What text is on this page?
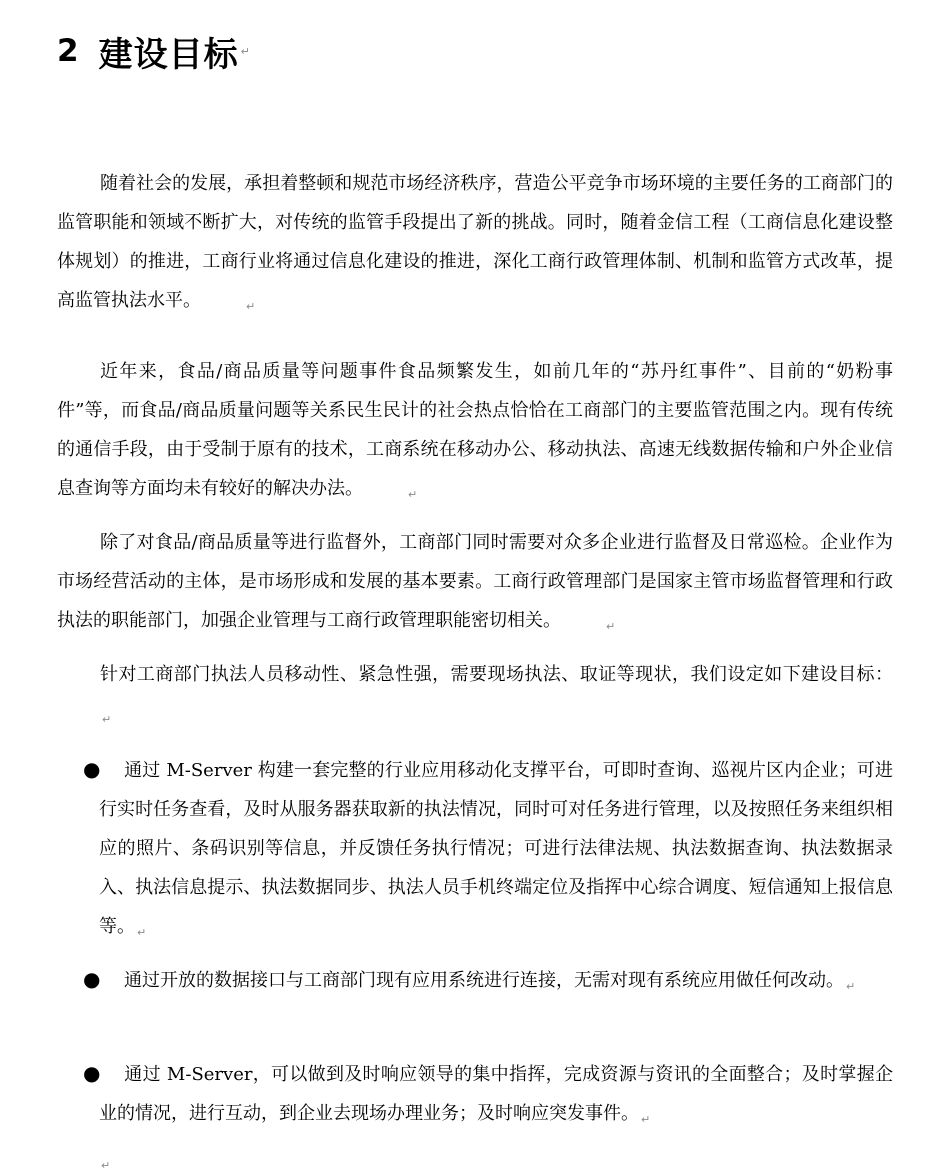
2 建设目标 ↵

随着社会的发展，承担着整顿和规范市场经济秩序，营造公平竞争市场环境的主要任务的工商部门的监管职能和领域不断扩大，对传统的监管手段提出了新的挑战。同时，随着金信工程（工商信息化建设整体规划）的推进，工商行业将通过信息化建设的推进，深化工商行政管理体制、机制和监管方式改革，提高监管执法水平。	↵

近年来，食品/商品质量等问题事件食品频繁发生，如前几年的“苏丹红事件”、目前的“奶粉事件”等，而食品/商品质量问题等关系民生民计的社会热点恰恰在工商部门的主要监管范围之内。现有传统的通信手段，由于受制于原有的技术，工商系统在移动办公、移动执法、高速无线数据传输和户外企业信息查询等方面均未有较好的解决办法。	↵

除了对食品/商品质量等进行监督外，工商部门同时需要对众多企业进行监督及日常巡检。企业作为市场经营活动的主体，是市场形成和发展的基本要素。工商行政管理部门是国家主管市场监督管理和行政执法的职能部门，加强企业管理与工商行政管理职能密切相关。	↵

针对工商部门执法人员移动性、紧急性强，需要现场执法、取证等现状，我们设定如下建设目标：↵

● 通过 M-Server 构建一套完整的行业应用移动化支撑平台，可即时查询、巡视片区内企业；可进行实时任务查看，及时从服务器获取新的执法情况，同时可对任务进行管理，以及按照任务来组织相应的照片、条码识别等信息，并反馈任务执行情况；可进行法律法规、执法数据查询、执法数据录入、执法信息提示、执法数据同步、执法人员手机终端定位及指挥中心综合调度、短信通知上报信息等。 ↵

● 通过开放的数据接口与工商部门现有应用系统进行连接，无需对现有系统应用做任何改动。 ↵

● 通过 M-Server，可以做到及时响应领导的集中指挥，完成资源与资讯的全面整合；及时掌握企业的情况，进行互动，到企业去现场办理业务；及时响应突发事件。 ↵

↵
